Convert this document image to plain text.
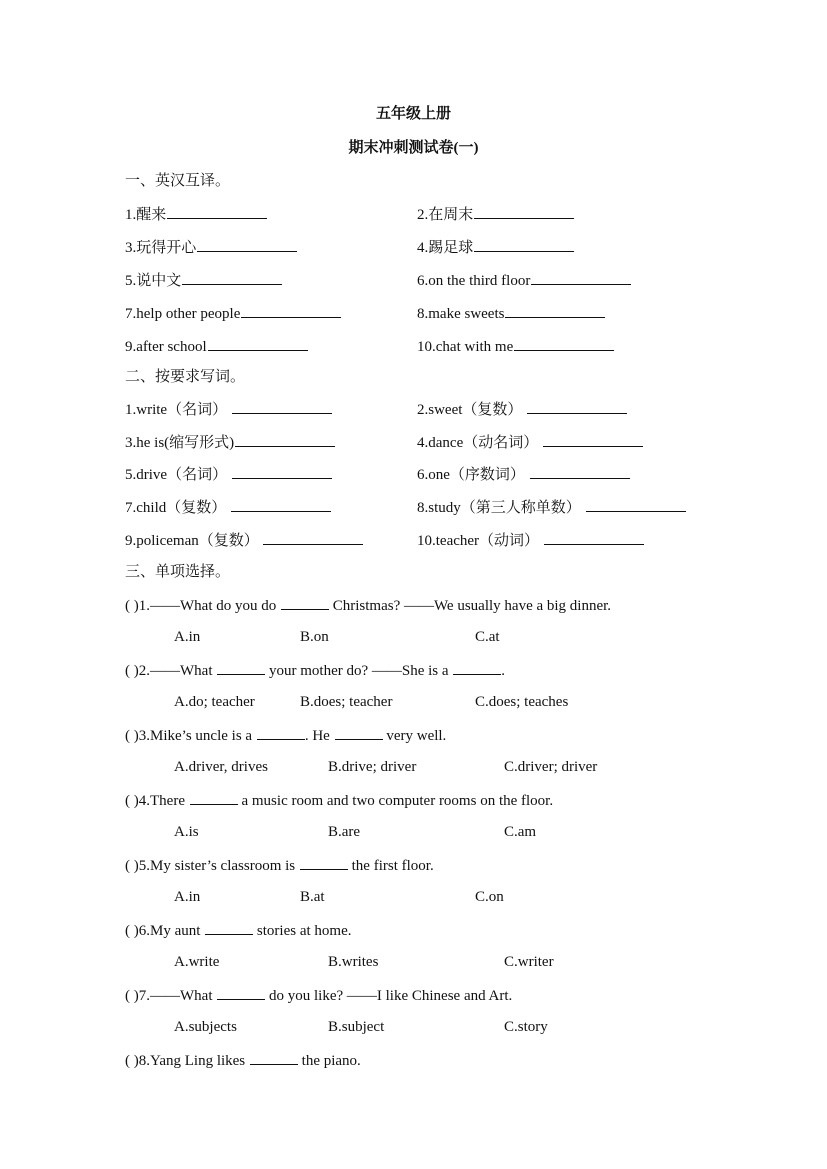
五年级上册
期末冲刺测试卷(一)
一、英汉互译。
1.醒来	2.在周末
3.玩得开心	4.踢足球
5.说中文	6.on the third floor
7.help other people	8.make sweets
9.after school	10.chat with me
二、按要求写词。
1.write（名词）	2.sweet（复数）
3.he is(缩写形式)	4.dance（动名词）
5.drive（名词）	6.one（序数词）
7.child（复数）	8.study（第三人称单数）
9.policeman（复数）	10.teacher（动词）
三、单项选择。
( )1.——What do you do	Christmas? ——We usually have a big dinner.
A.in	B.on	C.at
( )2.——What	your mother do? ——She is a	.
A.do; teacher	B.does; teacher	C.does; teaches
( )3.Mike’s uncle is a	. He	very well.
A.driver, drives	B.drive; driver	C.driver; driver
( )4.There	a music room and two computer rooms on the floor.
A.is	B.are	C.am
( )5.My sister’s classroom is	the first floor.
A.in	B.at	C.on
( )6.My aunt	stories at home.
A.write	B.writes	C.writer
( )7.——What	do you like? ——I like Chinese and Art.
A.subjects	B.subject	C.story
( )8.Yang Ling likes	the piano.
